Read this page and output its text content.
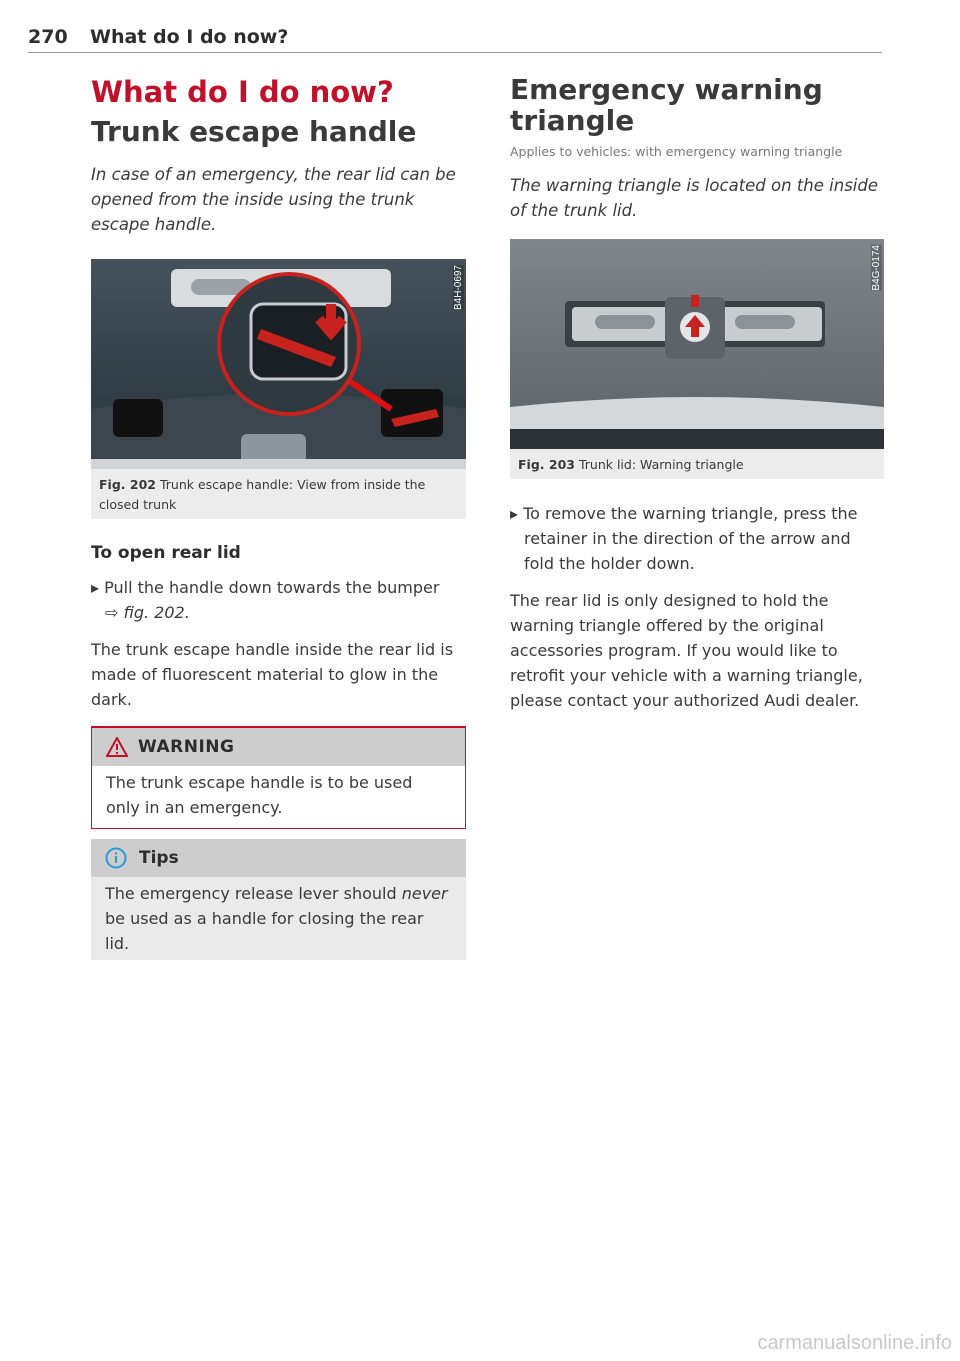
270 What do I do now?
What do I do now?
Trunk escape handle

In case of an emergency, the rear lid can be opened from the inside using the trunk escape handle.

B4H-0697
Fig. 202 Trunk escape handle: View from inside the closed trunk
To open rear lid
▸ Pull the handle down towards the bumper
⇨ fig. 202.

The trunk escape handle inside the rear lid is made of fluorescent material to glow in the dark.

WARNING
The trunk escape handle is to be used only in an emergency.
Tips
The emergency release lever should never be used as a handle for closing the rear lid.
Emergency warning triangle
Applies to vehicles: with emergency warning triangle

The warning triangle is located on the inside of the trunk lid.

B4G-0174
Fig. 203 Trunk lid: Warning triangle
▸ To remove the warning triangle, press the retainer in the direction of the arrow and fold the holder down.

The rear lid is only designed to hold the warning triangle offered by the original accessories program. If you would like to retrofit your vehicle with a warning triangle, please contact your authorized Audi dealer.

carmanualsonline.info
